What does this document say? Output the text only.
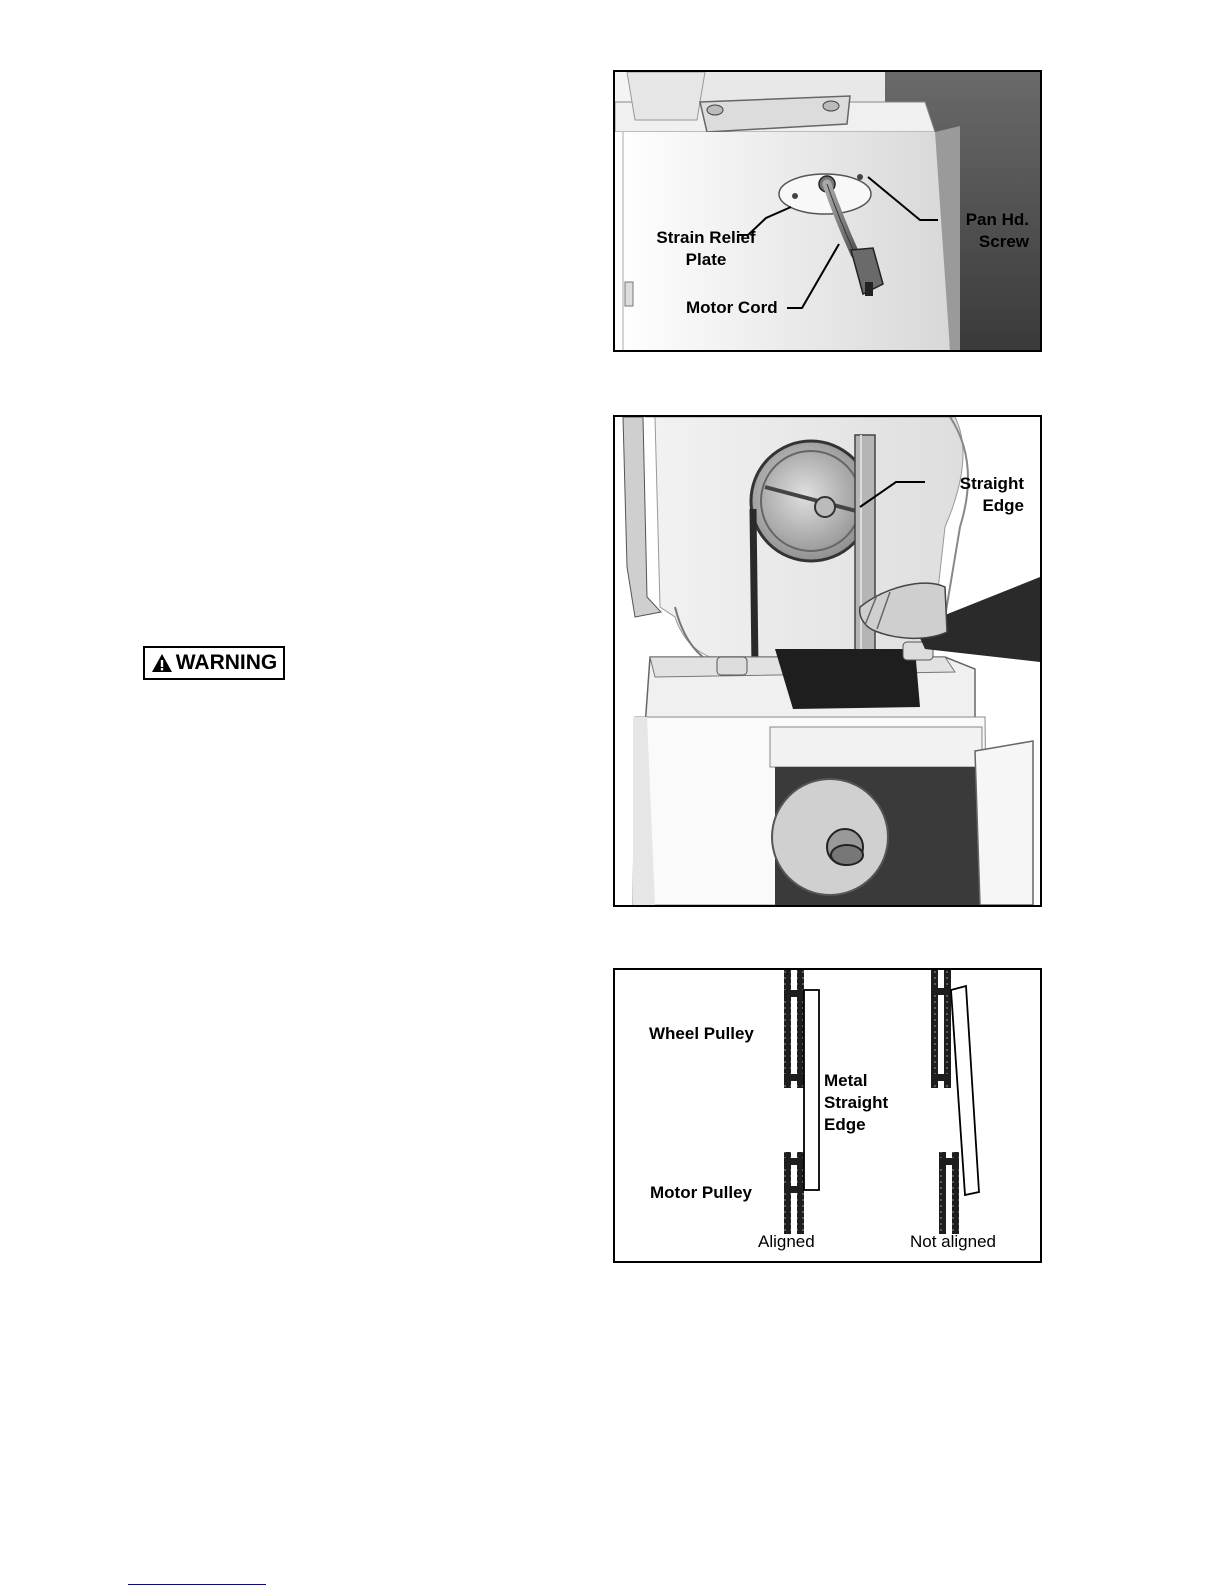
Strain Relief
Plate
Pan Hd.
Screw
Motor Cord
Straight
Edge
Wheel Pulley
Motor Pulley
Metal
Straight
Edge
Aligned	Not aligned
WARNING
